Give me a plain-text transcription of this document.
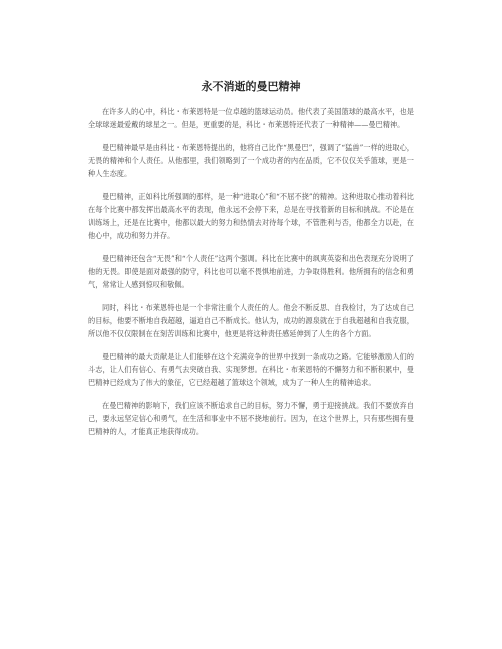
永不消逝的曼巴精神

在许多人的心中，科比・布莱恩特是一位卓越的篮球运动员。他代表了美国篮球的最高水平，也是全球球迷最爱戴的球星之一。但是，更重要的是，科比・布莱恩特还代表了一种精神——曼巴精神。

曼巴精神最早是由科比・布莱恩特提出的，他将自己比作“黑曼巴”，强调了“猛兽”一样的进取心，无畏的精神和个人责任。从他那里，我们领略到了一个成功者的内在品质，它不仅仅关乎篮球，更是一种人生态度。

曼巴精神，正如科比所强调的那样，是一种“进取心”和“不屈不挠”的精神。这种进取心推动着科比在每个比赛中都发挥出最高水平的表现，他永远不会停下来，总是在寻找着新的目标和挑战。不论是在训练场上，还是在比赛中，他都以最大的努力和热情去对待每个球，不管胜利与否，他都全力以赴，在他心中，成功和努力并存。

曼巴精神还包含“无畏”和“个人责任”这两个强调。科比在比赛中的飒爽英姿和出色表现充分说明了他的无畏。即使是面对最强的防守，科比也可以毫不畏惧地前进，力争取得胜利。他所拥有的信念和勇气，常常让人感到惊叹和敬佩。

同时，科比・布莱恩特也是一个非常注重个人责任的人。他会不断反思、自我检讨，为了达成自己的目标，他要不断地自我超越，逼迫自己不断成长。他认为，成功的源泉就在于自我超越和自我克服，所以他不仅仅限制在在刻苦训练和比赛中，他更是将这种责任感延伸到了人生的各个方面。

曼巴精神的最大贡献是让人们能够在这个充满竞争的世界中找到一条成功之路。它能够激励人们的斗志，让人们有信心、有勇气去突破自我、实现梦想。在科比・布莱恩特的不懈努力和不断积累中，曼巴精神已经成为了伟大的象征，它已经超越了篮球这个领域，成为了一种人生的精神追求。

在曼巴精神的影响下，我们应该不断追求自己的目标，努力不懈，勇于迎接挑战。我们不要放弃自己，要永远坚定信心和勇气，在生活和事业中不屈不挠地前行。因为，在这个世界上，只有那些拥有曼巴精神的人，才能真正地获得成功。
